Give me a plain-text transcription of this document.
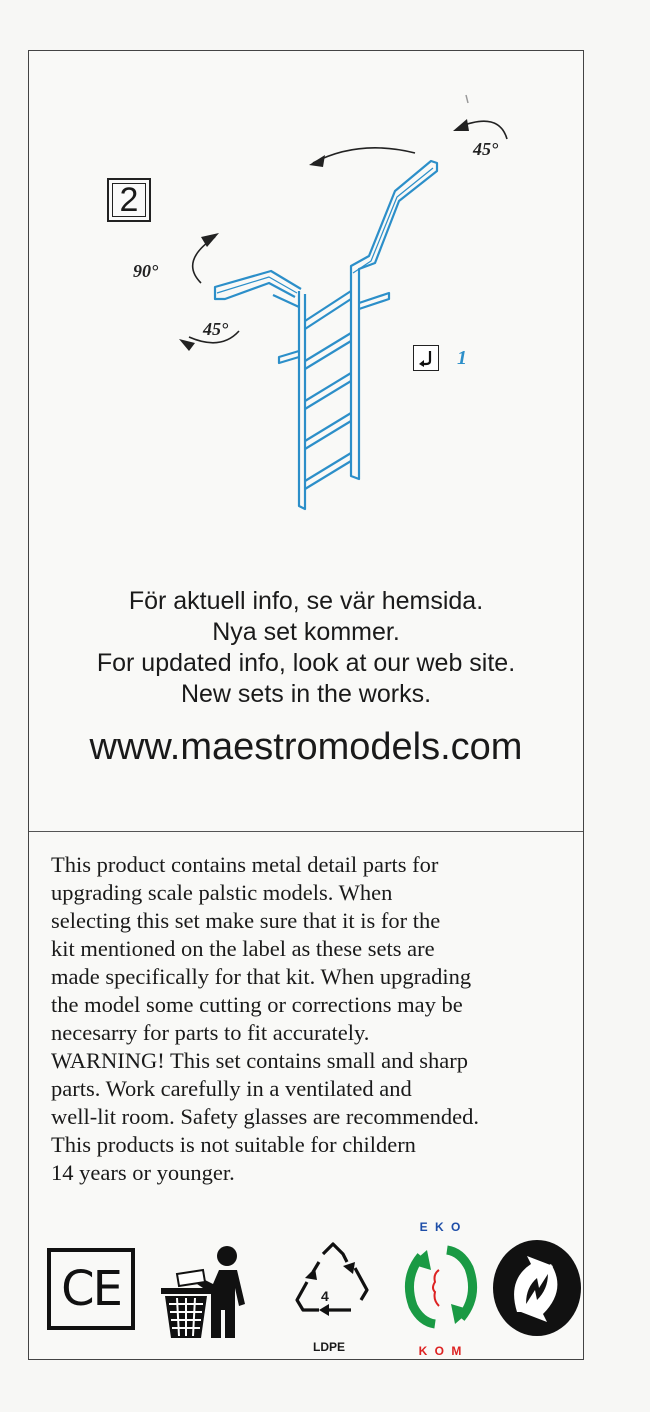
2
45°
90°
45°
1
För aktuell info, se vär hemsida.
Nya set kommer.
For updated info, look at our web site.
New sets in the works.
www.maestromodels.com
This product contains metal detail parts for
upgrading scale palstic models. When
selecting this set make sure that it is for the
kit mentioned on the label as these sets are
made specifically for that kit. When upgrading
the model some cutting or corrections may be
necesarry for parts to fit accurately.
WARNING! This set contains small and sharp
parts. Work carefully in a ventilated and
well-lit room. Safety glasses are recommended.
This products is not suitable for childern
14 years or younger.
CE	4
LDPE
E K O
K O M
